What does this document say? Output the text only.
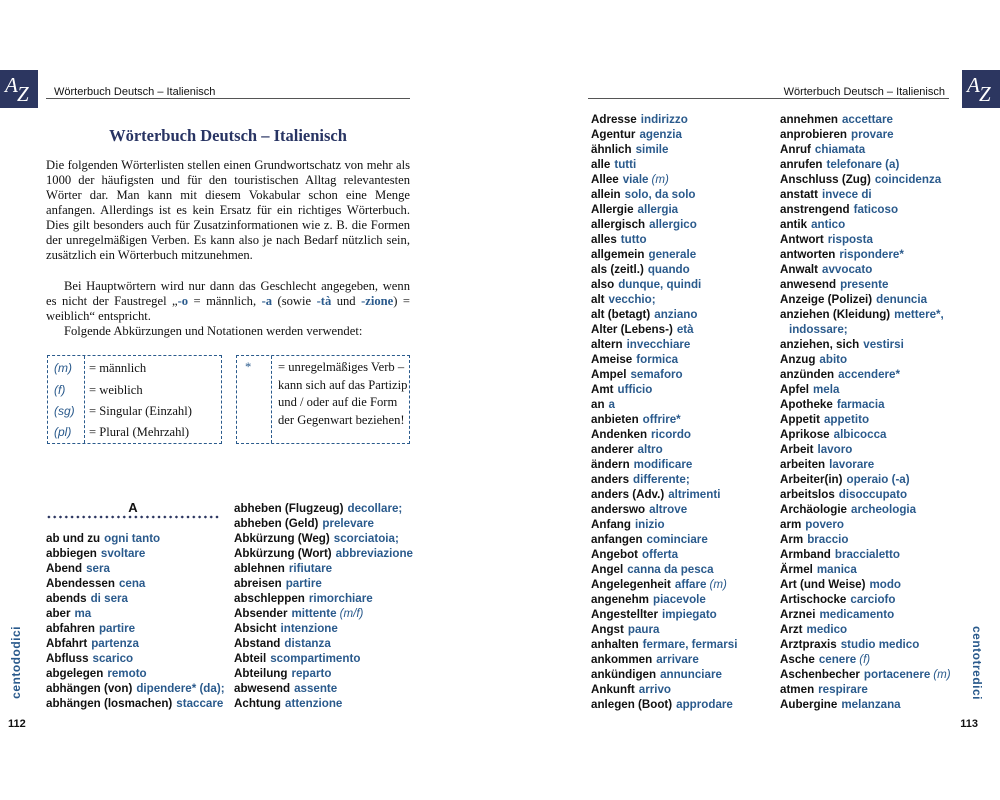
A Z Wörterbuch Deutsch – Italienisch
Wörterbuch Deutsch – Italienisch

Die folgenden Wörterlisten stellen einen Grundwortschatz von mehr als 1000 der häufigsten und für den touristischen Alltag relevantesten Wörter dar. Man kann mit diesem Vokabular schon eine Menge anfangen. Allerdings ist es kein Ersatz für ein richtiges Wörterbuch. Dies gilt besonders auch für Zusatzinformationen wie z. B. die Formen der unregelmäßigen Verben. Es kann also je nach Bedarf nützlich sein, zusätzlich ein Wörterbuch mitzunehmen.

Bei Hauptwörtern wird nur dann das Geschlecht angegeben, wenn es nicht der Faustregel „-o = männlich, -a (sowie -tà und -zione) = weiblich“ entspricht.

Folgende Abkürzungen und Notationen werden verwendet:

(m) = männlich
(f) = weiblich
(sg) = Singular (Einzahl)
(pl) = Plural (Mehrzahl)
* = unregelmäßiges Verb – kann sich auf das Partizip und / oder auf die Form der Gegenwart beziehen!
A
ab und zu ogni tanto
abbiegen svoltare
Abend sera
Abendessen cena
abends di sera
aber ma
abfahren partire
Abfahrt partenza
Abfluss scarico
abgelegen remoto
abhängen (von) dipendere* (da);
abhängen (losmachen) staccare
abheben (Flugzeug) decollare;
abheben (Geld) prelevare
Abkürzung (Weg) scorciatoia;
Abkürzung (Wort) abbreviazione
ablehnen rifiutare
abreisen partire
abschleppen rimorchiare
Absender mittente (m/f)
Absicht intenzione
Abstand distanza
Abteil scompartimento
Abteilung reparto
abwesend assente
Achtung attenzione
centododici
112
A Z
Wörterbuch Deutsch – Italienisch
Adresse indirizzo
Agentur agenzia
ähnlich simile
alle tutti
Allee viale (m)
allein solo, da solo
Allergie allergia
allergisch allergico
alles tutto
allgemein generale
als (zeitl.) quando
also dunque, quindi
alt vecchio;
alt (betagt) anziano
Alter (Lebens-) età
altern invecchiare
Ameise formica
Ampel semaforo
Amt ufficio
an a
anbieten offrire*
Andenken ricordo
anderer altro
ändern modificare
anders differente;
anders (Adv.) altrimenti
anderswo altrove
Anfang inizio
anfangen cominciare
Angebot offerta
Angel canna da pesca
Angelegenheit affare (m)
angenehm piacevole
Angestellter impiegato
Angst paura
anhalten fermare, fermarsi
ankommen arrivare
ankündigen annunciare
Ankunft arrivo
anlegen (Boot) approdare
annehmen accettare
anprobieren provare
Anruf chiamata
anrufen telefonare (a)
Anschluss (Zug) coincidenza
anstatt invece di
anstrengend faticoso
antik antico
Antwort risposta
antworten rispondere*
Anwalt avvocato
anwesend presente
Anzeige (Polizei) denuncia
anziehen (Kleidung) mettere*,
indossare;
anziehen, sich vestirsi
Anzug abito
anzünden accendere*
Apfel mela
Apotheke farmacia
Appetit appetito
Aprikose albicocca
Arbeit lavoro
arbeiten lavorare
Arbeiter(in) operaio (-a)
arbeitslos disoccupato
Archäologie archeologia
arm povero
Arm braccio
Armband braccialetto
Ärmel manica
Art (und Weise) modo
Artischocke carciofo
Arznei medicamento
Arzt medico
Arztpraxis studio medico
Asche cenere (f)
Aschenbecher portacenere (m)
atmen respirare
Aubergine melanzana
centotredici
113
